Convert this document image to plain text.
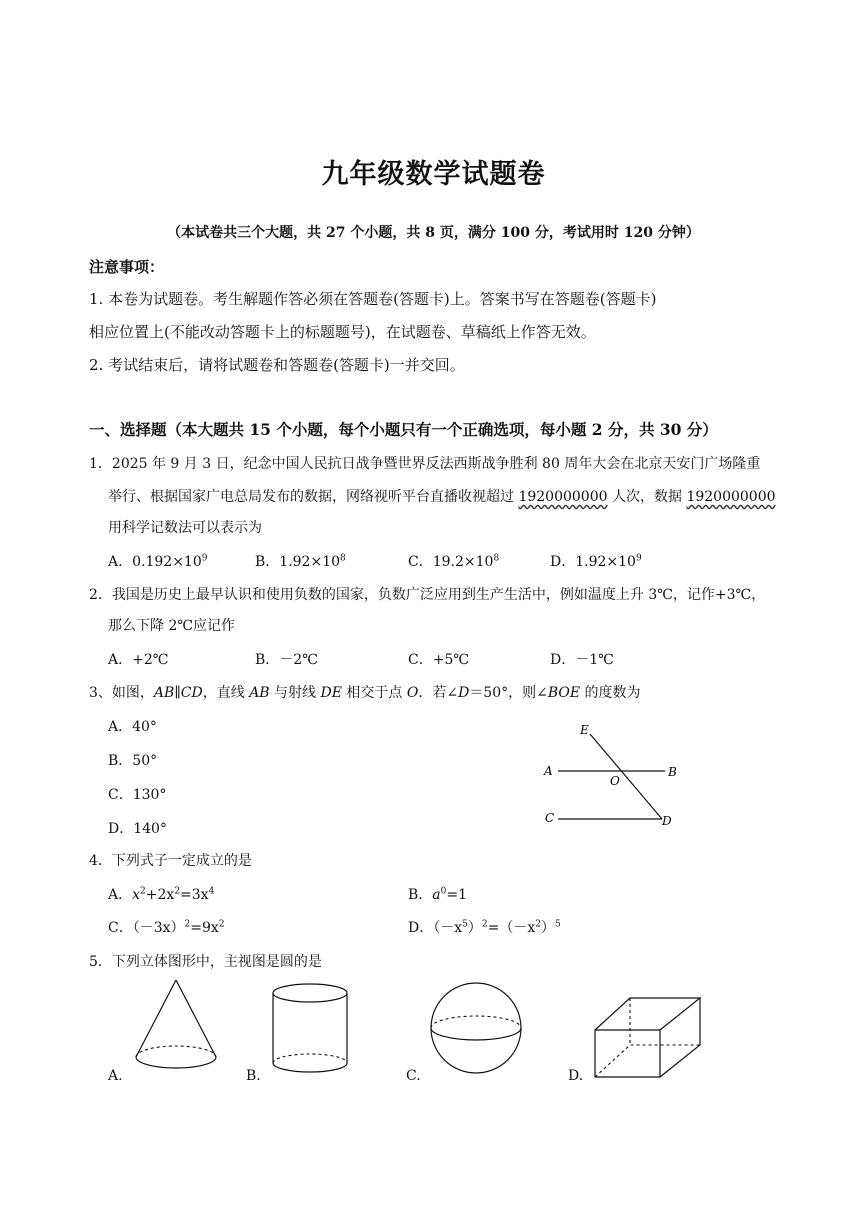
九年级数学试题卷
（本试卷共三个大题，共 27 个小题，共 8 页，满分 100 分，考试用时 120 分钟）
注意事项：
1. 本卷为试题卷。考生解题作答必须在答题卷(答题卡)上。答案书写在答题卷(答题卡)
相应位置上(不能改动答题卡上的标题题号)，在试题卷、草稿纸上作答无效。
2. 考试结束后，请将试题卷和答题卷(答题卡)一并交回。
一、选择题（本大题共 15 个小题，每个小题只有一个正确选项，每小题 2 分，共 30 分）
1．2025 年 9 月 3 日，纪念中国人民抗日战争暨世界反法西斯战争胜利 80 周年大会在北京天安门广场隆重
举行、根据国家广电总局发布的数据，网络视听平台直播收视超过 1920000000 人次，数据 1920000000
用科学记数法可以表示为
A．$0.192\times 10^9$	B．$1.92\times 10^8$	C．$19.2\times 10^8$	D．$1.92\times 10^9$
2．我国是历史上最早认识和使用负数的国家，负数广泛应用到生产生活中，例如温度上升 3℃，记作+3℃，
那么下降 2℃应记作
A．+2℃	B．－2℃	C．+5℃	D．－1℃
3、如图，AB∥CD，直线 AB 与射线 DE 相交于点 O．若∠D＝50°，则∠BOE 的度数为
A．40°
B．50°
C．130°
D．140°
E
A
O
B
C	D
4．下列式子一定成立的是
A．$x^2+2x^2=3x^4$	B．$a^0=1$
C．$(-3x)^2=9x^2$	D．$(-x^5)^2=(-x^2)^5$
5．下列立体图形中，主视图是圆的是
A.	B.	C.	D.
